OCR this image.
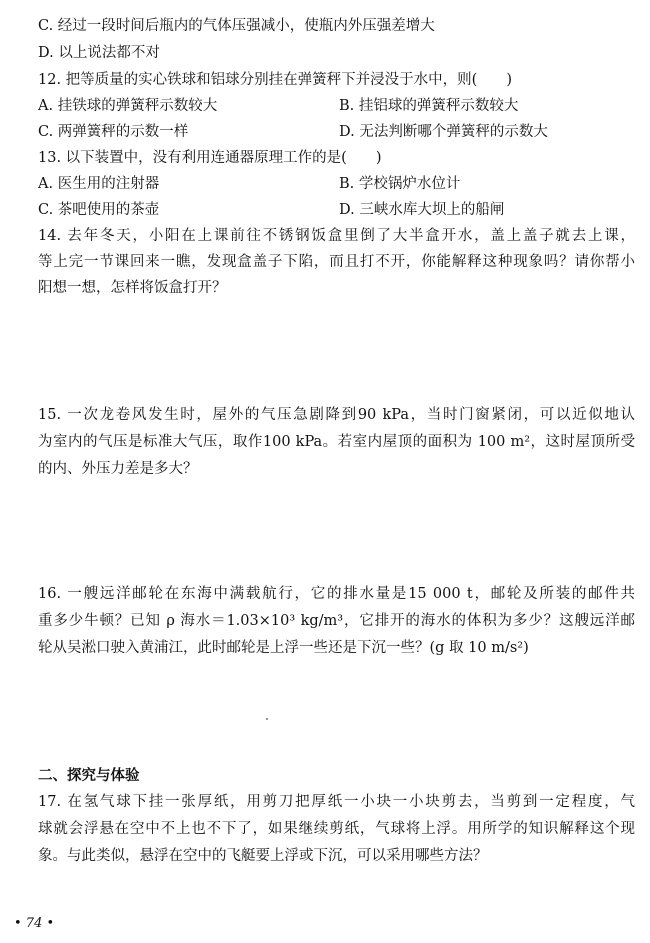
C. 经过一段时间后瓶内的气体压强减小，使瓶内外压强差增大
D. 以上说法都不对
12. 把等质量的实心铁球和铝球分别挂在弹簧秤下并浸没于水中，则(　　)
A. 挂铁球的弹簧秤示数较大	B. 挂铝球的弹簧秤示数较大
C. 两弹簧秤的示数一样	D. 无法判断哪个弹簧秤的示数大
13. 以下装置中，没有利用连通器原理工作的是(　　)
A. 医生用的注射器	B. 学校锅炉水位计
C. 茶吧使用的茶壶	D. 三峡水库大坝上的船闸
14. 去年冬天，小阳在上课前往不锈钢饭盒里倒了大半盒开水，盖上盖子就去上课，
等上完一节课回来一瞧，发现盒盖子下陷，而且打不开，你能解释这种现象吗？请你帮小
阳想一想，怎样将饭盒打开？
15. 一次龙卷风发生时，屋外的气压急剧降到90 kPa，当时门窗紧闭，可以近似地认
为室内的气压是标准大气压，取作100 kPa。若室内屋顶的面积为 100 m²，这时屋顶所受
的内、外压力差是多大？
16. 一艘远洋邮轮在东海中满载航行，它的排水量是15 000 t，邮轮及所装的邮件共
重多少牛顿？已知 ρ 海水＝1.03×10³ kg/m³，它排开的海水的体积为多少？这艘远洋邮
轮从吴淞口驶入黄浦江，此时邮轮是上浮一些还是下沉一些？(g 取 10 m/s²)
二、探究与体验
17. 在氢气球下挂一张厚纸，用剪刀把厚纸一小块一小块剪去，当剪到一定程度，气
球就会浮悬在空中不上也不下了，如果继续剪纸，气球将上浮。用所学的知识解释这个现
象。与此类似，悬浮在空中的飞艇要上浮或下沉，可以采用哪些方法？
• 74 •
